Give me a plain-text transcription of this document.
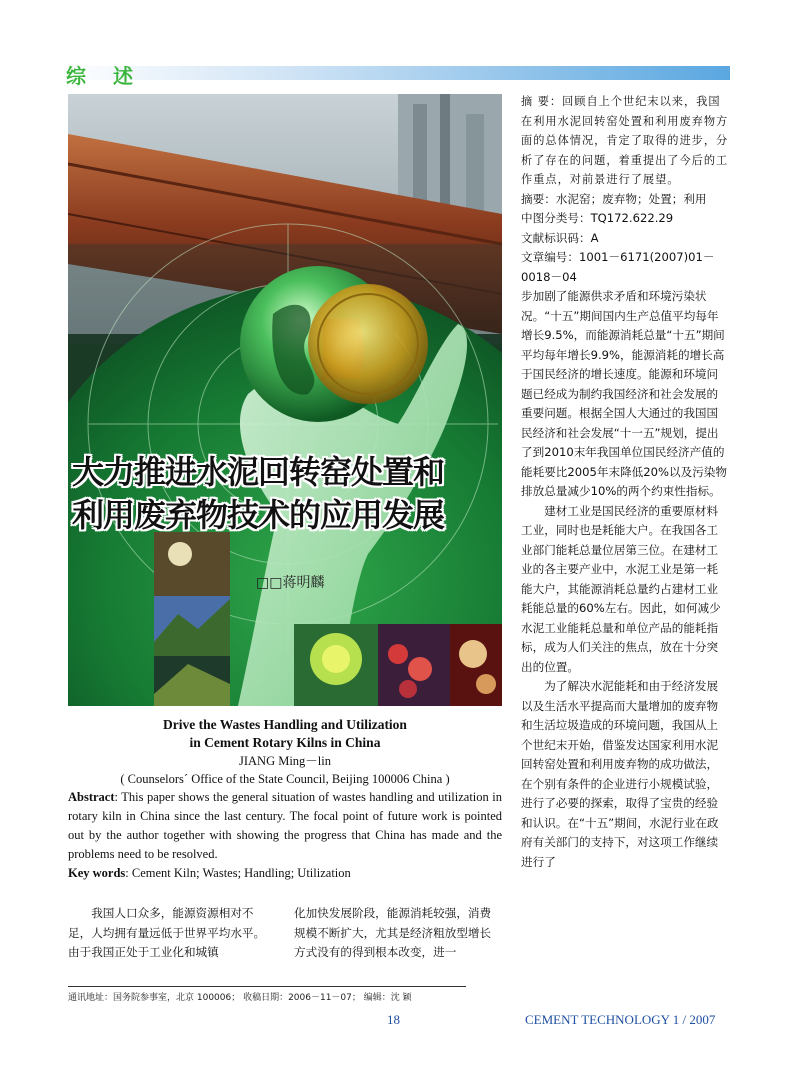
综 述
大力推进水泥回转窑处置和
利用废弃物技术的应用发展
□□蒋明麟

摘 要：回顾自上个世纪末以来，我国在利用水泥回转窑处置和利用废弃物方面的总体情况，肯定了取得的进步，分析了存在的问题，着重提出了今后的工作重点，对前景进行了展望。

摘要：水泥窑；废弃物；处置；利用

中图分类号：TQ172.622.29

文献标识码：A

文章编号：1001－6171(2007)01－0018－04

步加剧了能源供求矛盾和环境污染状况。“十五”期间国内生产总值平均每年增长9.5%，而能源消耗总量“十五”期间平均每年增长9.9%，能源消耗的增长高于国民经济的增长速度。能源和环境问题已经成为制约我国经济和社会发展的重要问题。根据全国人大通过的我国国民经济和社会发展“十一五”规划，提出了到2010末年我国单位国民经济产值的能耗要比2005年末降低20%以及污染物排放总量减少10%的两个约束性指标。

建材工业是国民经济的重要原材料工业，同时也是耗能大户。在我国各工业部门能耗总量位居第三位。在建材工业的各主要产业中，水泥工业是第一耗能大户，其能源消耗总量约占建材工业耗能总量的60%左右。因此，如何减少水泥工业能耗总量和单位产品的能耗指标，成为人们关注的焦点，放在十分突出的位置。

为了解决水泥能耗和由于经济发展以及生活水平提高而大量增加的废弃物和生活垃圾造成的环境问题，我国从上个世纪末开始，借鉴发达国家利用水泥回转窑处置和利用废弃物的成功做法，在个别有条件的企业进行小规模试验，进行了必要的探索，取得了宝贵的经验和认识。在“十五”期间，水泥行业在政府有关部门的支持下，对这项工作继续进行了

Drive the Wastes Handling and Utilization
in Cement Rotary Kilns in China
JIANG Ming－lin
( Counselors´ Office of the State Council, Beijing 100006 China )

Abstract: This paper shows the general situation of wastes handling and utilization in rotary kiln in China since the last century. The focal point of future work is pointed out by the author together with showing the progress that China has made and the problems need to be resolved.

Key words: Cement Kiln; Wastes; Handling; Utilization

我国人口众多，能源资源相对不足，人均拥有量远低于世界平均水平。由于我国正处于工业化和城镇
化加快发展阶段，能源消耗较强，消费规模不断扩大，尤其是经济粗放型增长方式没有的得到根本改变，进一
通讯地址：国务院参事室，北京 100006； 收稿日期：2006－11－07； 编辑：沈 颖
18	CEMENT TECHNOLOGY 1 / 2007
